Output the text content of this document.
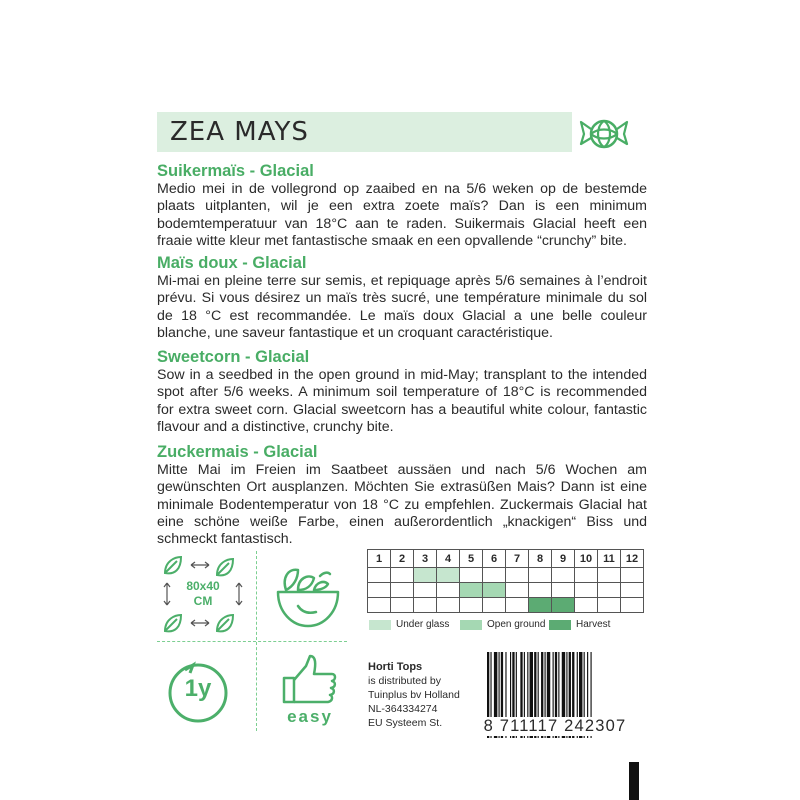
ZEA MAYS
Suikermaïs - Glacial

Medio mei in de vollegrond op zaaibed en na 5/6 weken op de bestemde plaats uitplanten, wil je een extra zoete maïs? Dan is een minimum bodemtemperatuur van 18°C aan te raden. Suikermais Glacial heeft een fraaie witte kleur met fantastische smaak en een opvallende “crunchy” bite.

Maïs doux - Glacial

Mi-mai en pleine terre sur semis, et repiquage après 5/6 semaines à l’endroit prévu. Si vous désirez un maïs très sucré, une température minimale du sol de 18 °C est recommandée. Le maïs doux Glacial a une belle couleur blanche, une saveur fantastique et un croquant caractéristique.

Sweetcorn - Glacial

Sow in a seedbed in the open ground in mid-May; transplant to the intended spot after 5/6 weeks. A minimum soil temperature of 18°C is recommended for extra sweet corn. Glacial sweetcorn has a beautiful white colour, fantastic flavour and a distinctive, crunchy bite.

Zuckermais - Glacial

Mitte Mai im Freien im Saatbeet aussäen und nach 5/6 Wochen am gewünschten Ort ausplanzen. Möchten Sie extrasüßen Mais? Dann ist eine minimale Bodentemperatur von 18 °C zu empfehlen. Zuckermais Glacial hat eine schöne weiße Farbe, einen außerordentlich „knackigen“ Biss und schmeckt fantastisch.

80x40
CM
1y
easy
1	2	3	4	5	6	7	8	9	10	11	12

Under glass	Open ground	Harvest
Horti Tops
is distributed by
Tuinplus bv Holland
NL-364334274
EU Systeem St.	8 711117 242307
